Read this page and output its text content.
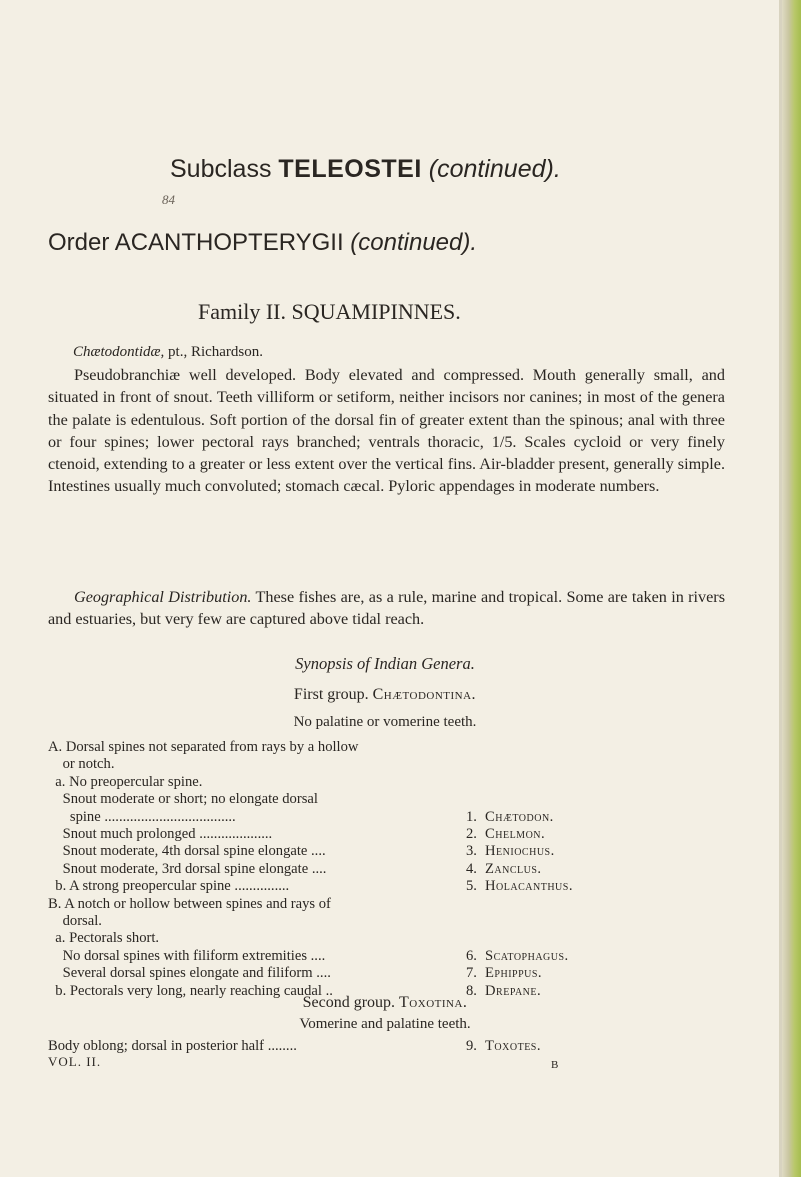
Subclass TELEOSTEI (continued).
84
Order ACANTHOPTERYGII (continued).
Family II. SQUAMIPINNES.
Chætodontidæ, pt., Richardson.
Pseudobranchiæ well developed. Body elevated and compressed. Mouth generally small, and situated in front of snout. Teeth villiform or setiform, neither incisors nor canines; in most of the genera the palate is edentulous. Soft portion of the dorsal fin of greater extent than the spinous; anal with three or four spines; lower pectoral rays branched; ventrals thoracic, 1/5. Scales cycloid or very finely ctenoid, extending to a greater or less extent over the vertical fins. Air-bladder present, generally simple. Intestines usually much convoluted; stomach cæcal. Pyloric appendages in moderate numbers.
Geographical Distribution. These fishes are, as a rule, marine and tropical. Some are taken in rivers and estuaries, but very few are captured above tidal reach.
Synopsis of Indian Genera.
First group. Chætodontina.
No palatine or vomerine teeth.
A. Dorsal spines not separated from rays by a hollow
or notch.
a. No preopercular spine.
Snout moderate or short; no elongate dorsal
spine ....................................	1. Chætodon.
Snout much prolonged ....................	2. Chelmon.
Snout moderate, 4th dorsal spine elongate ....	3. Heniochus.
Snout moderate, 3rd dorsal spine elongate ....	4. Zanclus.
b. A strong preopercular spine ...............	5. Holacanthus.
B. A notch or hollow between spines and rays of
dorsal.
a. Pectorals short.
No dorsal spines with filiform extremities ....	6. Scatophagus.
Several dorsal spines elongate and filiform ....	7. Ephippus.
b. Pectorals very long, nearly reaching caudal ..	8. Drepane.
Second group. Toxotina.
Vomerine and palatine teeth.
Body oblong; dorsal in posterior half ........	9. Toxotes.
VOL. II.	B
